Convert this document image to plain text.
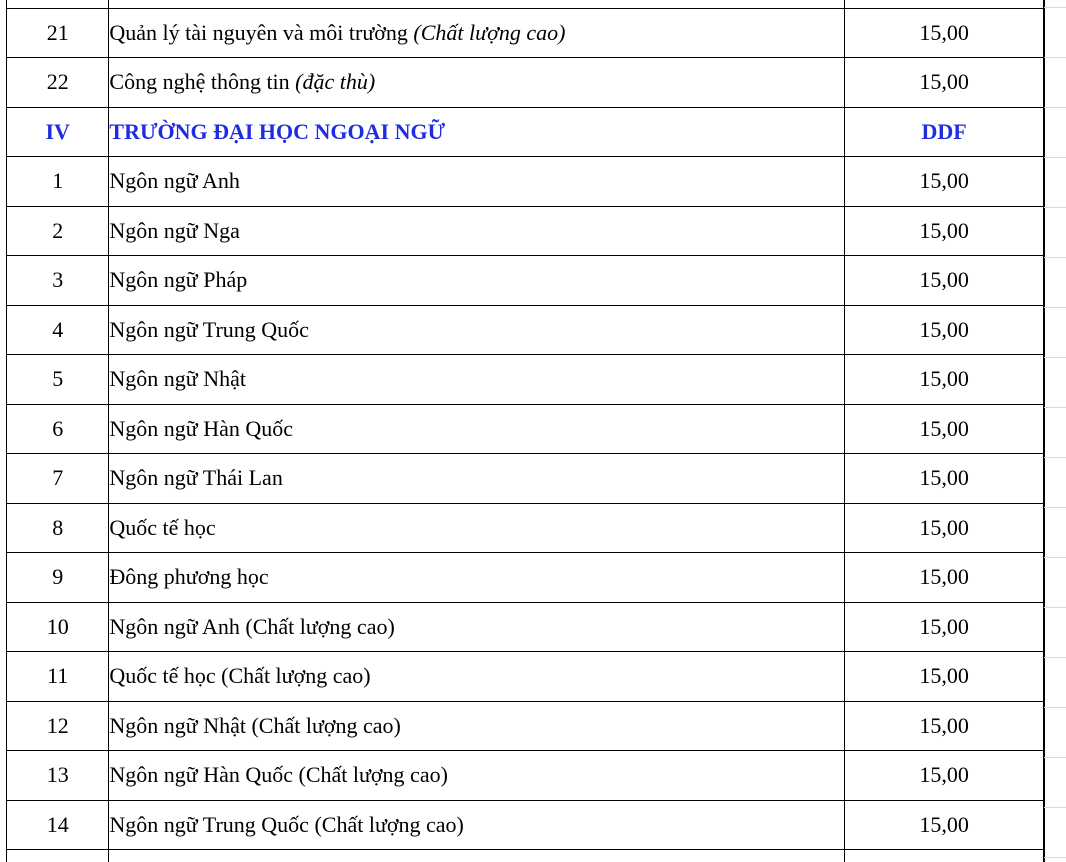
21	Quản lý tài nguyên và môi trường (Chất lượng cao)	15,00
22	Công nghệ thông tin (đặc thù)	15,00
IV	TRƯỜNG ĐẠI HỌC NGOẠI NGỮ	DDF
1	Ngôn ngữ Anh	15,00
2	Ngôn ngữ Nga	15,00
3	Ngôn ngữ Pháp	15,00
4	Ngôn ngữ Trung Quốc	15,00
5	Ngôn ngữ Nhật	15,00
6	Ngôn ngữ Hàn Quốc	15,00
7	Ngôn ngữ Thái Lan	15,00
8	Quốc tế học	15,00
9	Đông phương học	15,00
10	Ngôn ngữ Anh (Chất lượng cao)	15,00
11	Quốc tế học (Chất lượng cao)	15,00
12	Ngôn ngữ Nhật (Chất lượng cao)	15,00
13	Ngôn ngữ Hàn Quốc (Chất lượng cao)	15,00
14	Ngôn ngữ Trung Quốc (Chất lượng cao)	15,00
